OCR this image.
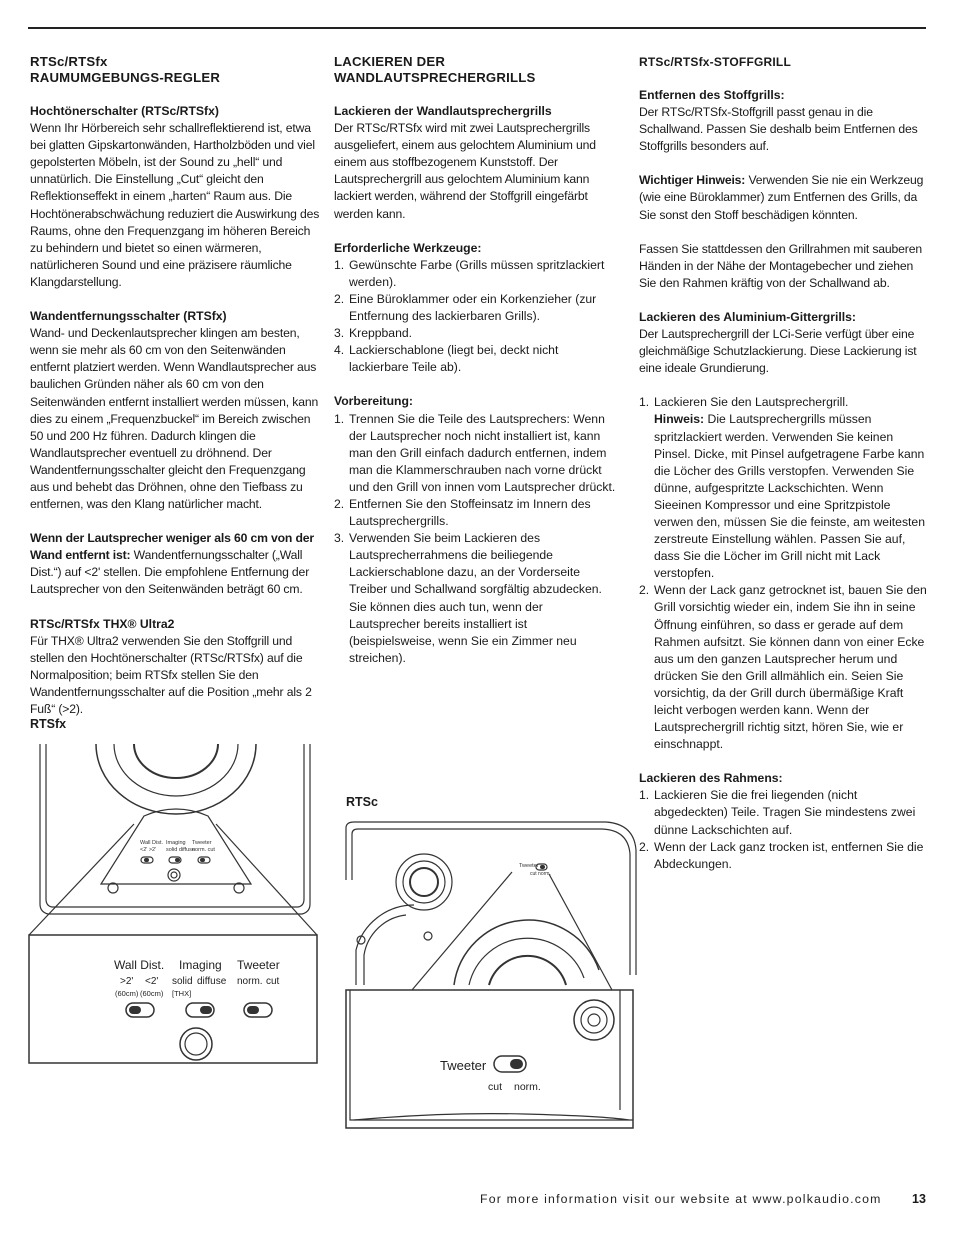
RTSc/RTSfx

RAUMUMGEBUNGS-REGLER

Hochtönerschalter (RTSc/RTSfx)

Wenn Ihr Hörbereich sehr schallreflektierend ist, etwa bei glatten Gipskartonwänden, Hartholzböden und viel gepolsterten Möbeln, ist der Sound zu „hell“ und unnatürlich. Die Einstellung „Cut“ gleicht den Reflektionseffekt in einem „harten“ Raum aus. Die Hochtönerabschwächung reduziert die Auswirkung des Raums, ohne den Frequenzgang im höheren Bereich zu behindern und bietet so einen wärmeren, natürlicheren Sound und eine präzisere räumliche Klangdarstellung.

Wandentfernungsschalter (RTSfx)

Wand- und Deckenlautsprecher klingen am besten, wenn sie mehr als 60 cm von den Seitenwänden entfernt platziert werden. Wenn Wandlautsprecher aus baulichen Gründen näher als 60 cm von den Seitenwänden entfernt installiert werden müssen, kann dies zu einem „Frequenzbuckel“ im Bereich zwischen 50 und 200 Hz führen. Dadurch klingen die Wandlautsprecher eventuell zu dröhnend. Der Wandentfernungsschalter gleicht den Frequenzgang aus und behebt das Dröhnen, ohne den Tiefbass zu entfernen, was den Klang natürlicher macht.

Wenn der Lautsprecher weniger als 60 cm von der Wand entfernt ist: Wandentfernungsschalter („Wall Dist.“) auf <2' stellen. Die empfohlene Entfernung der Lautsprecher von den Seitenwänden beträgt 60 cm.

RTSc/RTSfx THX® Ultra2

Für THX® Ultra2 verwenden Sie den Stoffgrill und stellen den Hochtönerschalter (RTSc/RTSfx) auf die Normalposition; beim RTSfx stellen Sie den Wandentfernungsschalter auf die Position „mehr als 2 Fuß“ (>2).

LACKIEREN DER

WANDLAUTSPRECHERGRILLS

Lackieren der Wandlautsprechergrills

Der RTSc/RTSfx wird mit zwei Lautsprechergrills ausgeliefert, einem aus gelochtem Aluminium und einem aus stoffbezogenem Kunststoff. Der Lautsprechergrill aus gelochtem Aluminium kann lackiert werden, während der Stoffgrill eingefärbt werden kann.

Erforderliche Werkzeuge:

1. Gewünschte Farbe (Grills müssen spritzlackiert werden).
2. Eine Büroklammer oder ein Korkenzieher (zur Entfernung des lackierbaren Grills).
3. Kreppband.
4. Lackierschablone (liegt bei, deckt nicht lackierbare Teile ab).

Vorbereitung:

1. Trennen Sie die Teile des Lautsprechers: Wenn der Lautsprecher noch nicht installiert ist, kann man den Grill einfach dadurch entfernen, indem man die Klammerschrauben nach vorne drückt und den Grill von innen vom Lautsprecher drückt.
2. Entfernen Sie den Stoffeinsatz im Innern des Lautsprechergrills.
3. Verwenden Sie beim Lackieren des Lautsprecherrahmens die beiliegende Lackierschablone dazu, an der Vorderseite Treiber und Schallwand sorgfältig abzudecken. Sie können dies auch tun, wenn der Lautsprecher bereits installiert ist (beispielsweise, wenn Sie ein Zimmer neu streichen).

RTSc/RTSfx-STOFFGRILL

Entfernen des Stoffgrills:

Der RTSc/RTSfx-Stoffgrill passt genau in die Schallwand. Passen Sie deshalb beim Entfernen des Stoffgrills besonders auf.

Wichtiger Hinweis: Verwenden Sie nie ein Werkzeug (wie eine Büroklammer) zum Entfernen des Grills, da Sie sonst den Stoff beschädigen könnten.

Fassen Sie stattdessen den Grillrahmen mit sauberen Händen in der Nähe der Montagebecher und ziehen Sie den Rahmen kräftig von der Schallwand ab.

Lackieren des Aluminium-Gittergrills:

Der Lautsprechergrill der LCi-Serie verfügt über eine gleichmäßige Schutzlackierung. Diese Lackierung ist eine ideale Grundierung.

1. Lackieren Sie den Lautsprechergrill.
Hinweis: Die Lautsprechergrills müssen spritzlackiert werden. Verwenden Sie keinen Pinsel. Dicke, mit Pinsel aufgetragene Farbe kann die Löcher des Grills verstopfen. Verwenden Sie dünne, aufgespritzte Lackschichten. Wenn Sieeinen Kompressor und eine Spritzpistole verwen den, müssen Sie die feinste, am weitesten zerstreute Einstellung wählen. Passen Sie auf, dass Sie die Löcher im Grill nicht mit Lack verstopfen.
2. Wenn der Lack ganz getrocknet ist, bauen Sie den Grill vorsichtig wieder ein, indem Sie ihn in seine Öffnung einführen, so dass er gerade auf dem Rahmen aufsitzt. Sie können dann von einer Ecke aus um den ganzen Lautsprecher herum und drücken Sie den Grill allmählich ein. Seien Sie vorsichtig, da der Grill durch übermäßige Kraft leicht verbogen werden kann. Wenn der Lautsprechergrill richtig sitzt, hören Sie, wie er einschnappt.

Lackieren des Rahmens:

1. Lackieren Sie die frei liegenden (nicht abgedeckten) Teile. Tragen Sie mindestens zwei dünne Lackschichten auf.
2. Wenn der Lack ganz trocken ist, entfernen Sie die Abdeckungen.
RTSfx
RTSc
Wall Dist. Imaging Tweeter
<2' >2' solid diffuse
norm. cut
Wall Dist. Imaging Tweeter
>2' <2'
(60cm) (60cm)
solid diffuse
[THX]
norm. cut
Tweeter
cut norm.
Tweeter
cut norm.
For more information visit our website at www.polkaudio.com	13
